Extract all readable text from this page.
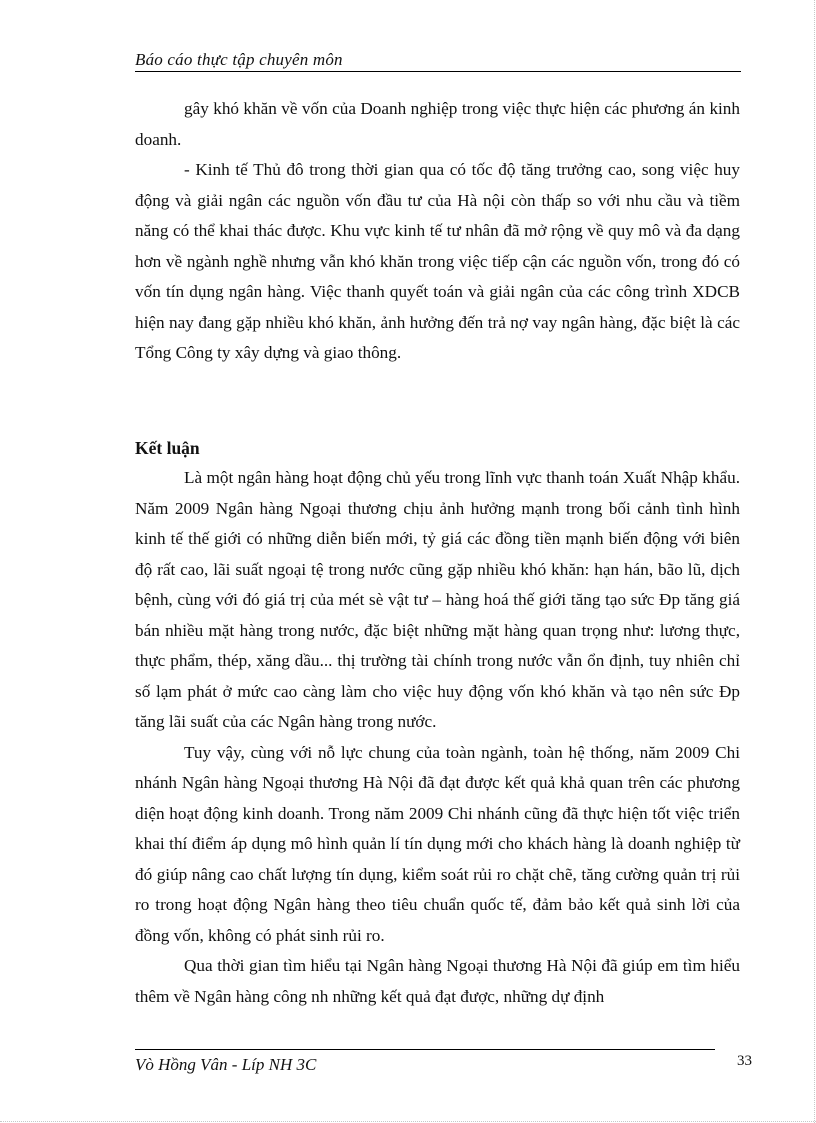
Báo cáo thực tập chuyên môn

gây khó khăn về vốn của Doanh nghiệp trong việc thực hiện các phương án kinh doanh.

- Kinh tế Thủ đô trong thời gian qua có tốc độ tăng trưởng cao, song việc huy động và giải ngân các nguồn vốn đầu tư của Hà nội còn thấp so với nhu cầu và tiềm năng có thể khai thác được. Khu vực kinh tế tư nhân đã mở rộng về quy mô và đa dạng hơn về ngành nghề nhưng vẫn khó khăn trong việc tiếp cận các nguồn vốn, trong đó có vốn tín dụng ngân hàng. Việc thanh quyết toán và giải ngân của các công trình XDCB hiện nay đang gặp nhiều khó khăn, ảnh hưởng đến trả nợ vay ngân hàng, đặc biệt là các Tổng Công ty xây dựng và giao thông.

Kết luận

Là một ngân hàng hoạt động chủ yếu trong lĩnh vực thanh toán Xuất Nhập khẩu. Năm 2009 Ngân hàng Ngoại thương chịu ảnh hưởng mạnh trong bối cảnh tình hình kinh tế thế giới có những diễn biến mới, tỷ giá các đồng tiền mạnh biến động với biên độ rất cao, lãi suất ngoại tệ trong nước cũng gặp nhiều khó khăn: hạn hán, bão lũ, dịch bệnh, cùng với đó giá trị của mét sè vật tư – hàng hoá thế giới tăng tạo sức Ðp tăng giá bán nhiều mặt hàng trong nước, đặc biệt những mặt hàng quan trọng như: lương thực, thực phẩm, thép, xăng dầu... thị trường tài chính trong nước vẫn ổn định, tuy nhiên chỉ số lạm phát ở mức cao càng làm cho việc huy động vốn khó khăn và tạo nên sức Ðp tăng lãi suất của các Ngân hàng trong nước.

Tuy vậy, cùng với nỗ lực chung của toàn ngành, toàn hệ thống, năm 2009 Chi nhánh Ngân hàng Ngoại thương Hà Nội đã đạt được kết quả khả quan trên các phương diện hoạt động kinh doanh. Trong năm 2009 Chi nhánh cũng đã thực hiện tốt việc triển khai thí điểm áp dụng mô hình quản lí tín dụng mới cho khách hàng là doanh nghiệp từ đó giúp nâng cao chất lượng tín dụng, kiểm soát rủi ro chặt chẽ, tăng cường quản trị rủi ro trong hoạt động Ngân hàng theo tiêu chuẩn quốc tế, đảm bảo kết quả sinh lời của đồng vốn, không có phát sinh rủi ro.

Qua thời gian tìm hiểu tại Ngân hàng Ngoại thương Hà Nội đã giúp em tìm hiểu thêm về Ngân hàng công nh những kết quả đạt được, những dự định

Vò Hồng Vân - Líp NH 3C	33
